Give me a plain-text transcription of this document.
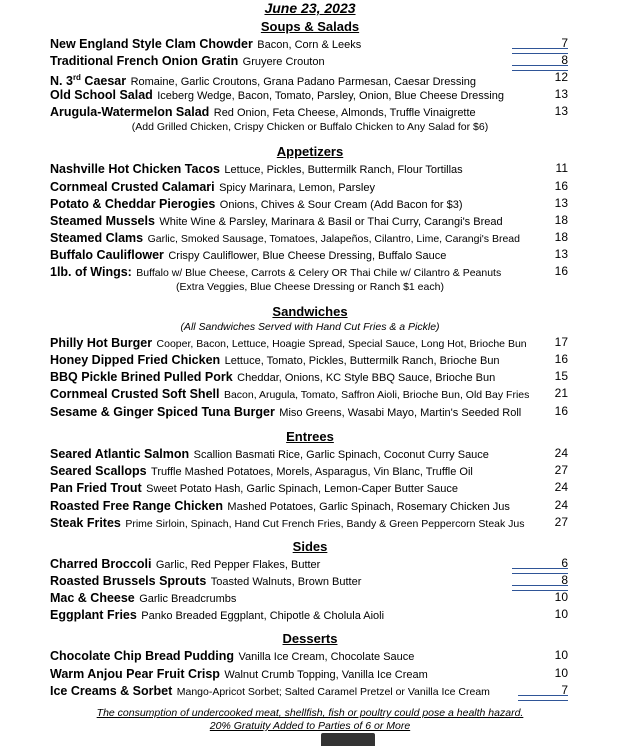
June 23, 2023
Soups & Salads
New England Style Clam Chowder Bacon, Corn & Leeks	7
Traditional French Onion Gratin Gruyere Crouton	8
N. 3rd Caesar Romaine, Garlic Croutons, Grana Padano Parmesan, Caesar Dressing	12
Old School Salad Iceberg Wedge, Bacon, Tomato, Parsley, Onion, Blue Cheese Dressing	13
Arugula-Watermelon Salad Red Onion, Feta Cheese, Almonds, Truffle Vinaigrette	13
(Add Grilled Chicken, Crispy Chicken or Buffalo Chicken to Any Salad for $6)
Appetizers
Nashville Hot Chicken Tacos Lettuce, Pickles, Buttermilk Ranch, Flour Tortillas	11
Cornmeal Crusted Calamari Spicy Marinara, Lemon, Parsley	16
Potato & Cheddar Pierogies Onions, Chives & Sour Cream (Add Bacon for $3)	13
Steamed Mussels White Wine & Parsley, Marinara & Basil or Thai Curry, Carangi's Bread	18
Steamed Clams Garlic, Smoked Sausage, Tomatoes, Jalapeños, Cilantro, Lime, Carangi's Bread	18
Buffalo Cauliflower Crispy Cauliflower, Blue Cheese Dressing, Buffalo Sauce	13
1lb. of Wings: Buffalo w/ Blue Cheese, Carrots & Celery OR Thai Chile w/ Cilantro & Peanuts	16
(Extra Veggies, Blue Cheese Dressing or Ranch $1 each)
Sandwiches
(All Sandwiches Served with Hand Cut Fries & a Pickle)
Philly Hot Burger Cooper, Bacon, Lettuce, Hoagie Spread, Special Sauce, Long Hot, Brioche Bun 17
Honey Dipped Fried Chicken Lettuce, Tomato, Pickles, Buttermilk Ranch, Brioche Bun	16
BBQ Pickle Brined Pulled Pork Cheddar, Onions, KC Style BBQ Sauce, Brioche Bun	15
Cornmeal Crusted Soft Shell Bacon, Arugula, Tomato, Saffron Aioli, Brioche Bun, Old Bay Fries 21
Sesame & Ginger Spiced Tuna Burger Miso Greens, Wasabi Mayo, Martin's Seeded Roll	16
Entrees
Seared Atlantic Salmon Scallion Basmati Rice, Garlic Spinach, Coconut Curry Sauce	24
Seared Scallops Truffle Mashed Potatoes, Morels, Asparagus, Vin Blanc, Truffle Oil	27
Pan Fried Trout Sweet Potato Hash, Garlic Spinach, Lemon-Caper Butter Sauce	24
Roasted Free Range Chicken Mashed Potatoes, Garlic Spinach, Rosemary Chicken Jus	24
Steak Frites Prime Sirloin, Spinach, Hand Cut French Fries, Bandy & Green Peppercorn Steak Jus	27
Sides
Charred Broccoli Garlic, Red Pepper Flakes, Butter	6
Roasted Brussels Sprouts Toasted Walnuts, Brown Butter	8
Mac & Cheese Garlic Breadcrumbs	10
Eggplant Fries Panko Breaded Eggplant, Chipotle & Cholula Aioli	10
Desserts
Chocolate Chip Bread Pudding Vanilla Ice Cream, Chocolate Sauce	10
Warm Anjou Pear Fruit Crisp Walnut Crumb Topping, Vanilla Ice Cream	10
Ice Creams & Sorbet Mango-Apricot Sorbet; Salted Caramel Pretzel or Vanilla Ice Cream	7
The consumption of undercooked meat, shellfish, fish or poultry could pose a health hazard.
20% Gratuity Added to Parties of 6 or More
